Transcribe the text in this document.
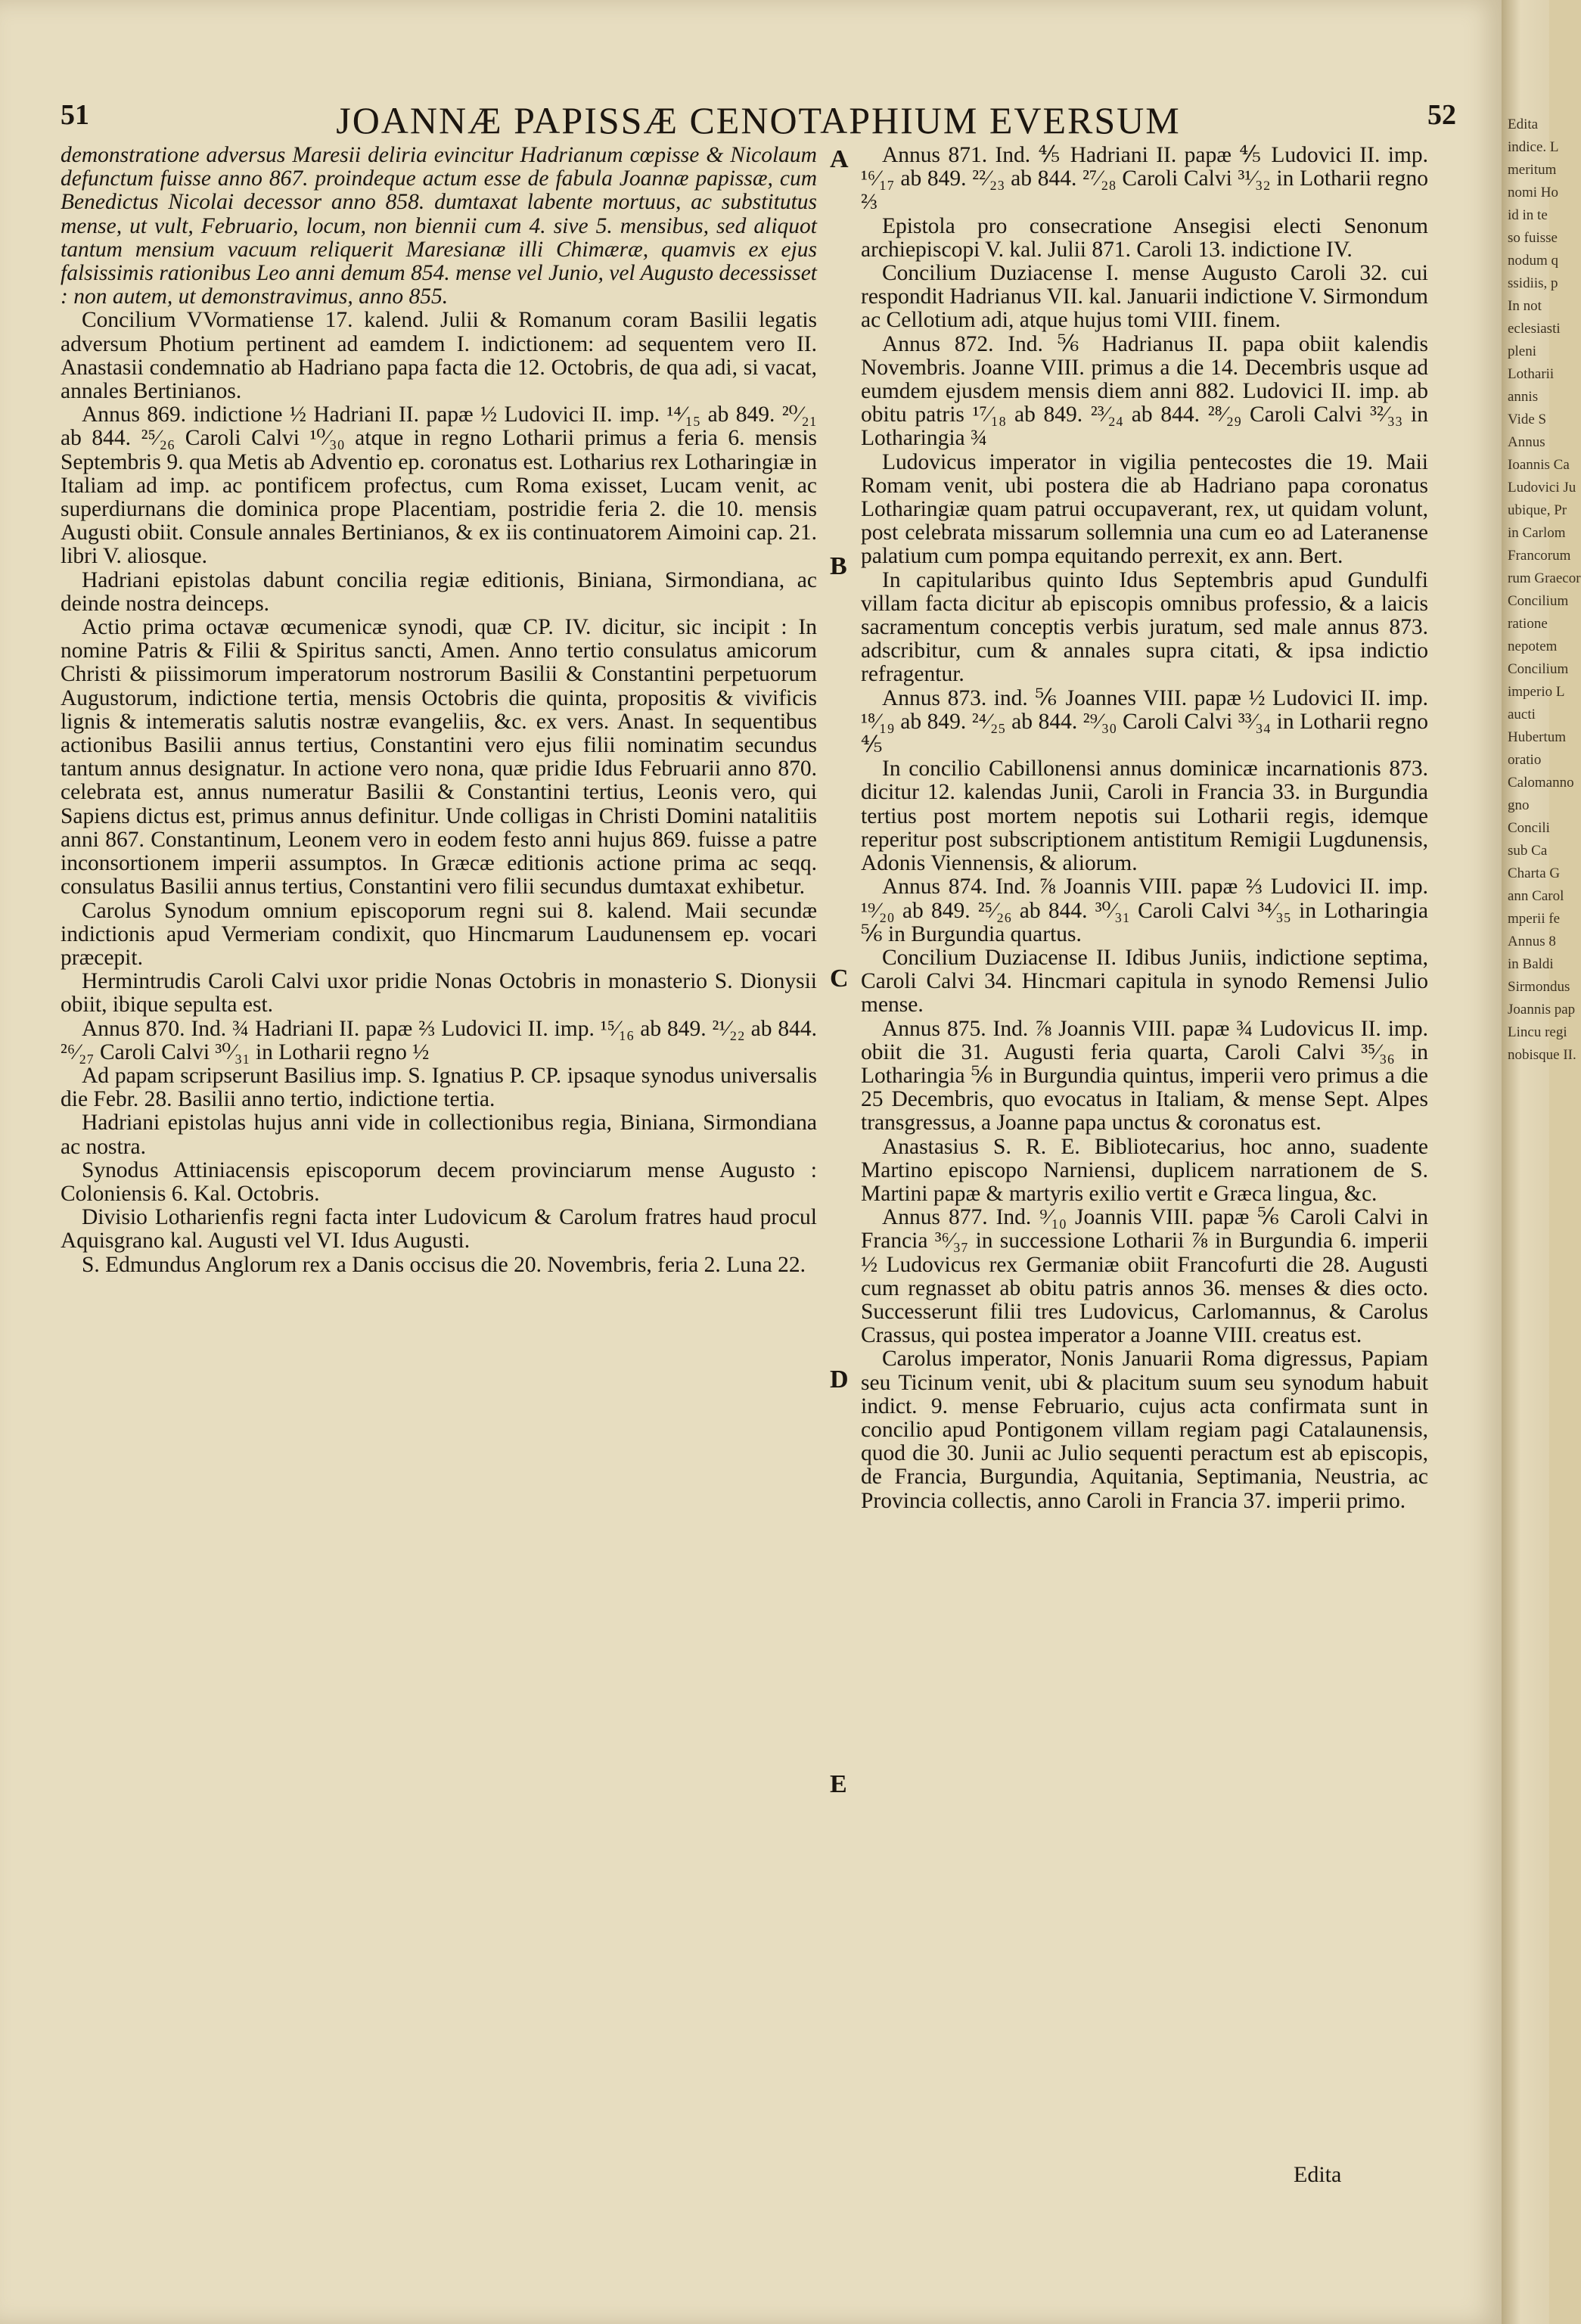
51	JOANNÆ PAPISSÆ CENOTAPHIUM EVERSUM	52

demonstratione adversus Maresii deliria evincitur Hadrianum cœpisse & Nicolaum defunctum fuisse anno 867. proindeque actum esse de fabula Joannæ papissæ, cum Benedictus Nicolai decessor anno 858. dumtaxat labente mortuus, ac substitutus mense, ut vult, Februario, locum, non biennii cum 4. sive 5. mensibus, sed aliquot tantum mensium vacuum reliquerit Maresianæ illi Chimæræ, quamvis ex ejus falsissimis rationibus Leo anni demum 854. mense vel Junio, vel Augusto decessisset : non autem, ut demonstravimus, anno 855.

Concilium VVormatiense 17. kalend. Julii & Romanum coram Basilii legatis adversum Photium pertinent ad eamdem I. indictionem: ad sequentem vero II. Anastasii condemnatio ab Hadriano papa facta die 12. Octobris, de qua adi, si vacat, annales Bertinianos.

Annus 869. indictione ½ Hadriani II. papæ ½ Ludovici II. imp. ¹⁴⁄₁₅ ab 849. ²⁰⁄₂₁ ab 844. ²⁵⁄₂₆ Caroli Calvi ¹⁰⁄₃₀ atque in regno Lotharii primus a feria 6. mensis Septembris 9. qua Metis ab Adventio ep. coronatus est. Lotharius rex Lotharingiæ in Italiam ad imp. ac pontificem profectus, cum Roma exisset, Lucam venit, ac superdiurnans die dominica prope Placentiam, postridie feria 2. die 10. mensis Augusti obiit. Consule annales Bertinianos, & ex iis continuatorem Aimoini cap. 21. libri V. aliosque.

Hadriani epistolas dabunt concilia regiæ editionis, Biniana, Sirmondiana, ac deinde nostra deinceps.

Actio prima octavæ œcumenicæ synodi, quæ CP. IV. dicitur, sic incipit : In nomine Patris & Filii & Spiritus sancti, Amen. Anno tertio consulatus amicorum Christi & piissimorum imperatorum nostrorum Basilii & Constantini perpetuorum Augustorum, indictione tertia, mensis Octobris die quinta, propositis & vivificis lignis & intemeratis salutis nostræ evangeliis, &c. ex vers. Anast. In sequentibus actionibus Basilii annus tertius, Constantini vero ejus filii nominatim secundus tantum annus designatur. In actione vero nona, quæ pridie Idus Februarii anno 870. celebrata est, annus numeratur Basilii & Constantini tertius, Leonis vero, qui Sapiens dictus est, primus annus definitur. Unde colligas in Christi Domini natalitiis anni 867. Constantinum, Leonem vero in eodem festo anni hujus 869. fuisse a patre inconsortionem imperii assumptos. In Græcæ editionis actione prima ac seqq. consulatus Basilii annus tertius, Constantini vero filii secundus dumtaxat exhibetur.

Carolus Synodum omnium episcoporum regni sui 8. kalend. Maii secundæ indictionis apud Vermeriam condixit, quo Hincmarum Laudunensem ep. vocari præcepit.

Hermintrudis Caroli Calvi uxor pridie Nonas Octobris in monasterio S. Dionysii obiit, ibique sepulta est.

Annus 870. Ind. ¾ Hadriani II. papæ ⅔ Ludovici II. imp. ¹⁵⁄₁₆ ab 849. ²¹⁄₂₂ ab 844. ²⁶⁄₂₇ Caroli Calvi ³⁰⁄₃₁ in Lotharii regno ½

Ad papam scripserunt Basilius imp. S. Ignatius P. CP. ipsaque synodus universalis die Febr. 28. Basilii anno tertio, indictione tertia.

Hadriani epistolas hujus anni vide in collectionibus regia, Biniana, Sirmondiana ac nostra.

Synodus Attiniacensis episcoporum decem provinciarum mense Augusto : Coloniensis 6. Kal. Octobris.

Divisio Lotharienfis regni facta inter Ludovicum & Carolum fratres haud procul Aquisgrano kal. Augusti vel VI. Idus Augusti.

S. Edmundus Anglorum rex a Danis occisus die 20. Novembris, feria 2. Luna 22.

A
B
C
D
E

Annus 871. Ind. ⅘ Hadriani II. papæ ⅘ Ludovici II. imp. ¹⁶⁄₁₇ ab 849. ²²⁄₂₃ ab 844. ²⁷⁄₂₈ Caroli Calvi ³¹⁄₃₂ in Lotharii regno ⅔

Epistola pro consecratione Ansegisi electi Senonum archiepiscopi V. kal. Julii 871. Caroli 13. indictione IV.

Concilium Duziacense I. mense Augusto Caroli 32. cui respondit Hadrianus VII. kal. Januarii indictione V. Sirmondum ac Cellotium adi, atque hujus tomi VIII. finem.

Annus 872. Ind. ⅚ Hadrianus II. papa obiit kalendis Novembris. Joanne VIII. primus a die 14. Decembris usque ad eumdem ejusdem mensis diem anni 882. Ludovici II. imp. ab obitu patris ¹⁷⁄₁₈ ab 849. ²³⁄₂₄ ab 844. ²⁸⁄₂₉ Caroli Calvi ³²⁄₃₃ in Lotharingia ¾

Ludovicus imperator in vigilia pentecostes die 19. Maii Romam venit, ubi postera die ab Hadriano papa coronatus Lotharingiæ quam patrui occupaverant, rex, ut quidam volunt, post celebrata missarum sollemnia una cum eo ad Lateranense palatium cum pompa equitando perrexit, ex ann. Bert.

In capitularibus quinto Idus Septembris apud Gundulfi villam facta dicitur ab episcopis omnibus professio, & a laicis sacramentum conceptis verbis juratum, sed male annus 873. adscribitur, cum & annales supra citati, & ipsa indictio refragentur.

Annus 873. ind. ⅚ Joannes VIII. papæ ½ Ludovici II. imp. ¹⁸⁄₁₉ ab 849. ²⁴⁄₂₅ ab 844. ²⁹⁄₃₀ Caroli Calvi ³³⁄₃₄ in Lotharii regno ⅘

In concilio Cabillonensi annus dominicæ incarnationis 873. dicitur 12. kalendas Junii, Caroli in Francia 33. in Burgundia tertius post mortem nepotis sui Lotharii regis, idemque reperitur post subscriptionem antistitum Remigii Lugdunensis, Adonis Viennensis, & aliorum.

Annus 874. Ind. ⅞ Joannis VIII. papæ ⅔ Ludovici II. imp. ¹⁹⁄₂₀ ab 849. ²⁵⁄₂₆ ab 844. ³⁰⁄₃₁ Caroli Calvi ³⁴⁄₃₅ in Lotharingia ⅚ in Burgundia quartus.

Concilium Duziacense II. Idibus Juniis, indictione septima, Caroli Calvi 34. Hincmari capitula in synodo Remensi Julio mense.

Annus 875. Ind. ⅞ Joannis VIII. papæ ¾ Ludovicus II. imp. obiit die 31. Augusti feria quarta, Caroli Calvi ³⁵⁄₃₆ in Lotharingia ⅚ in Burgundia quintus, imperii vero primus a die 25 Decembris, quo evocatus in Italiam, & mense Sept. Alpes transgressus, a Joanne papa unctus & coronatus est.

Anastasius S. R. E. Bibliotecarius, hoc anno, suadente Martino episcopo Narniensi, duplicem narrationem de S. Martini papæ & martyris exilio vertit e Græca lingua, &c.

Annus 877. Ind. ⁹⁄₁₀ Joannis VIII. papæ ⅚ Caroli Calvi in Francia ³⁶⁄₃₇ in successione Lotharii ⅞ in Burgundia 6. imperii ½ Ludovicus rex Germaniæ obiit Francofurti die 28. Augusti cum regnasset ab obitu patris annos 36. menses & dies octo. Successerunt filii tres Ludovicus, Carlomannus, & Carolus Crassus, qui postea imperator a Joanne VIII. creatus est.

Carolus imperator, Nonis Januarii Roma digressus, Papiam seu Ticinum venit, ubi & placitum suum seu synodum habuit indict. 9. mense Februario, cujus acta confirmata sunt in concilio apud Pontigonem villam regiam pagi Catalaunensis, quod die 30. Junii ac Julio sequenti peractum est ab episcopis, de Francia, Burgundia, Aquitania, Septimania, Neustria, ac Provincia collectis, anno Caroli in Francia 37. imperii primo.

Edita
Edita
indice. L
meritum
nomi Ho
id in te
so fuisse
nodum q
ssidiis, p
In not
eclesiasti
pleni
Lotharii
annis
Vide S
Annus
Ioannis Ca
Ludovici Ju
ubique, Pr
in Carlom
Francorum
rum Graecor
Concilium
ratione
nepotem
Concilium
imperio L
aucti
Hubertum
oratio
Calomanno
gno
Concili
sub Ca
Charta G
ann Carol
mperii fe
Annus 8
in Baldi
Sirmondus
Joannis pap
Lincu regi
nobisque II.
